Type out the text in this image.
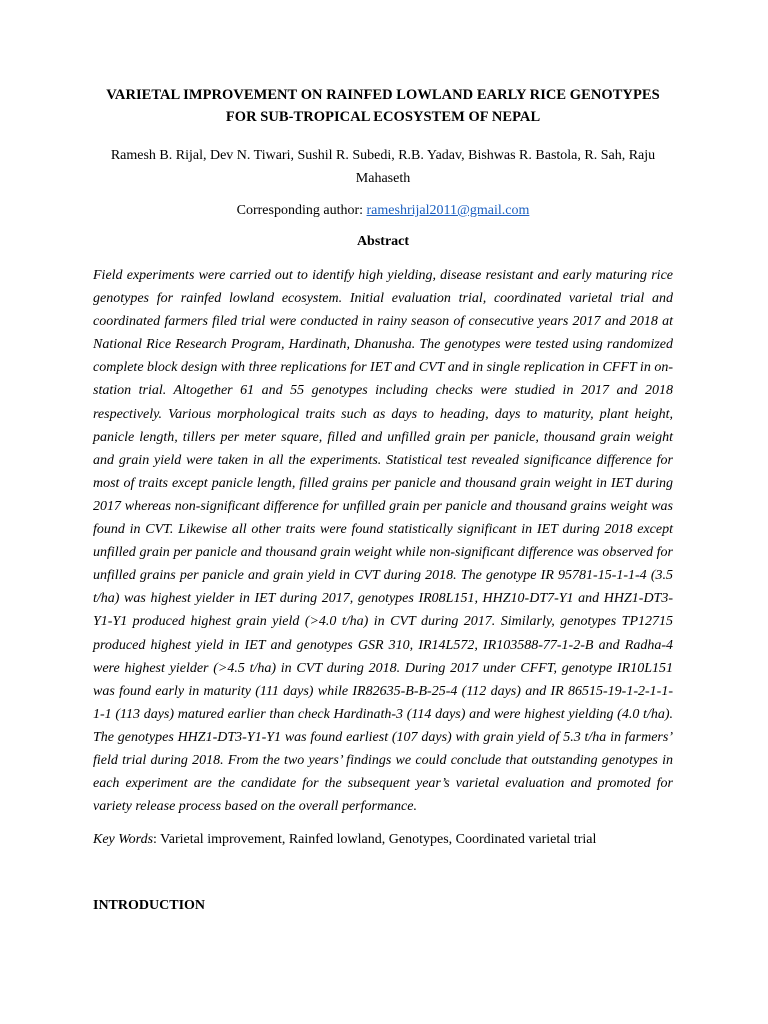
VARIETAL IMPROVEMENT ON RAINFED LOWLAND EARLY RICE GENOTYPES FOR SUB-TROPICAL ECOSYSTEM OF NEPAL

Ramesh B. Rijal, Dev N. Tiwari, Sushil R. Subedi, R.B. Yadav, Bishwas R. Bastola, R. Sah, Raju Mahaseth

Corresponding author: rameshrijal2011@gmail.com

Abstract

Field experiments were carried out to identify high yielding, disease resistant and early maturing rice genotypes for rainfed lowland ecosystem. Initial evaluation trial, coordinated varietal trial and coordinated farmers filed trial were conducted in rainy season of consecutive years 2017 and 2018 at National Rice Research Program, Hardinath, Dhanusha. The genotypes were tested using randomized complete block design with three replications for IET and CVT and in single replication in CFFT in on-station trial. Altogether 61 and 55 genotypes including checks were studied in 2017 and 2018 respectively. Various morphological traits such as days to heading, days to maturity, plant height, panicle length, tillers per meter square, filled and unfilled grain per panicle, thousand grain weight and grain yield were taken in all the experiments. Statistical test revealed significance difference for most of traits except panicle length, filled grains per panicle and thousand grain weight in IET during 2017 whereas non-significant difference for unfilled grain per panicle and thousand grains weight was found in CVT. Likewise all other traits were found statistically significant in IET during 2018 except unfilled grain per panicle and thousand grain weight while non-significant difference was observed for unfilled grains per panicle and grain yield in CVT during 2018. The genotype IR 95781-15-1-1-4 (3.5 t/ha) was highest yielder in IET during 2017, genotypes IR08L151, HHZ10-DT7-Y1 and HHZ1-DT3-Y1-Y1 produced highest grain yield (>4.0 t/ha) in CVT during 2017. Similarly, genotypes TP12715 produced highest yield in IET and genotypes GSR 310, IR14L572, IR103588-77-1-2-B and Radha-4 were highest yielder (>4.5 t/ha) in CVT during 2018. During 2017 under CFFT, genotype IR10L151 was found early in maturity (111 days) while IR82635-B-B-25-4 (112 days) and IR 86515-19-1-2-1-1-1-1 (113 days) matured earlier than check Hardinath-3 (114 days) and were highest yielding (4.0 t/ha). The genotypes HHZ1-DT3-Y1-Y1 was found earliest (107 days) with grain yield of 5.3 t/ha in farmers’ field trial during 2018. From the two years’ findings we could conclude that outstanding genotypes in each experiment are the candidate for the subsequent year’s varietal evaluation and promoted for variety release process based on the overall performance.

Key Words: Varietal improvement, Rainfed lowland, Genotypes, Coordinated varietal trial

INTRODUCTION
